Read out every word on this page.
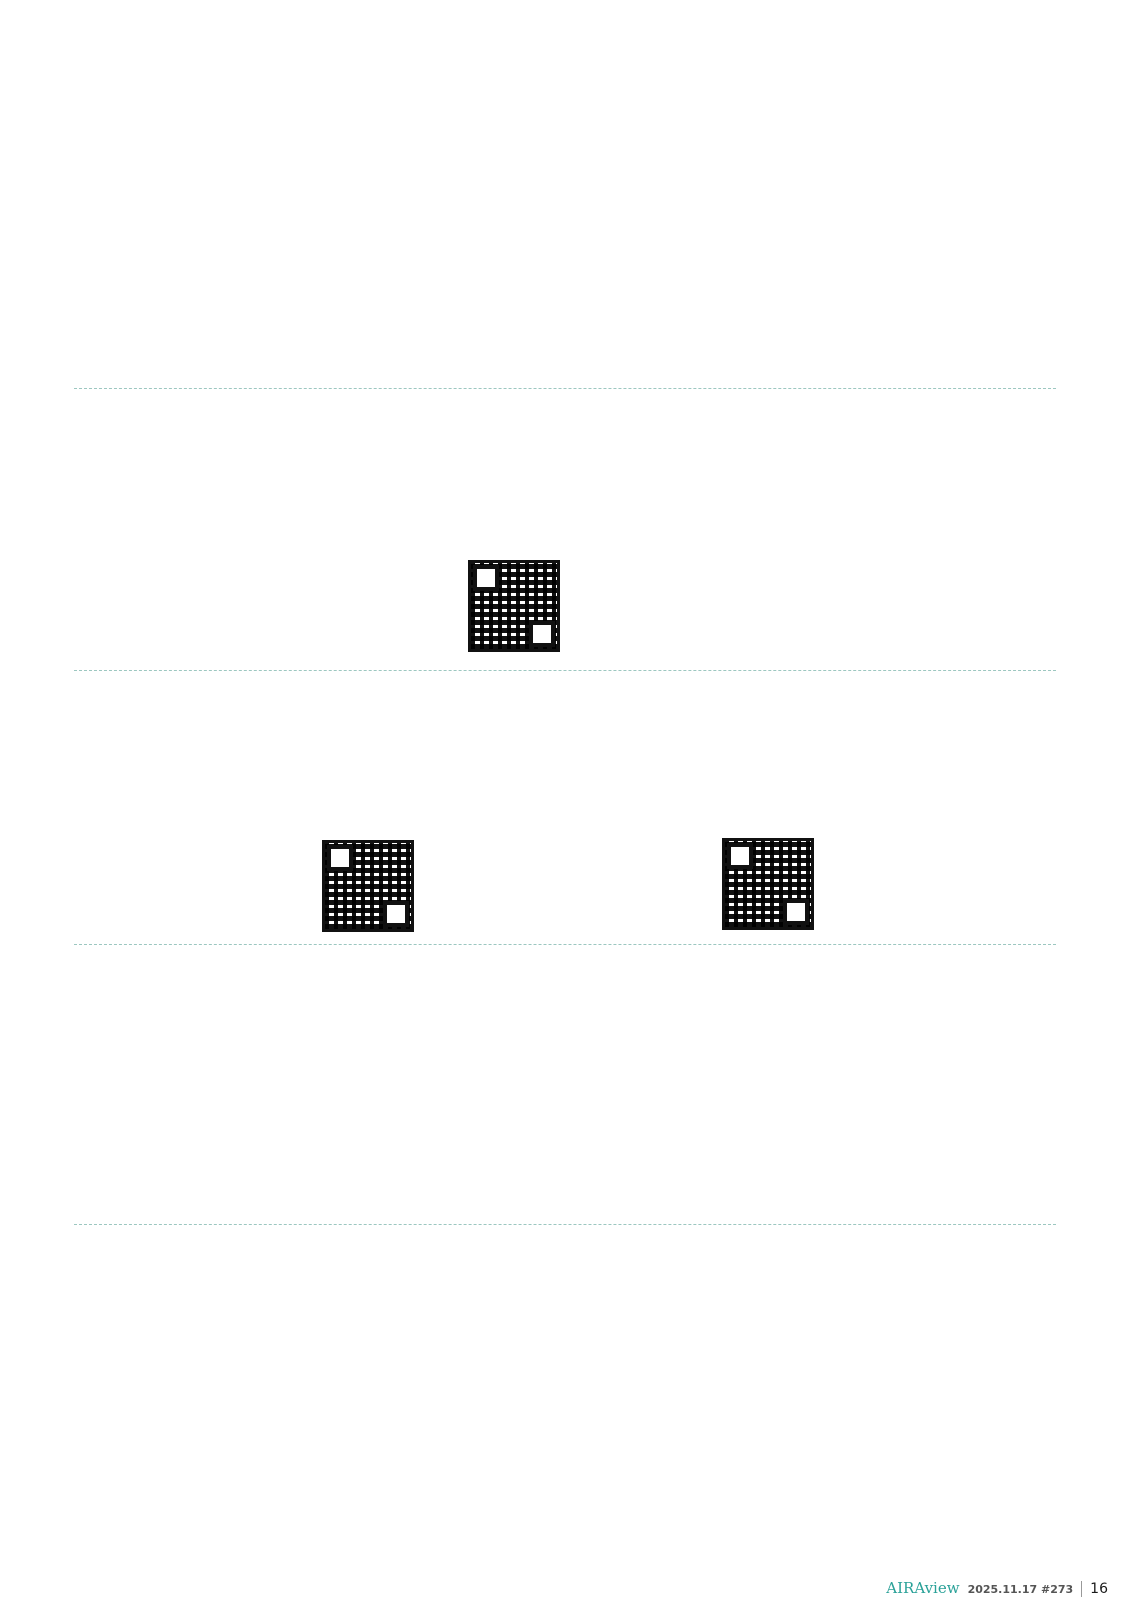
AIRAview 2025.11.17 #273	16
